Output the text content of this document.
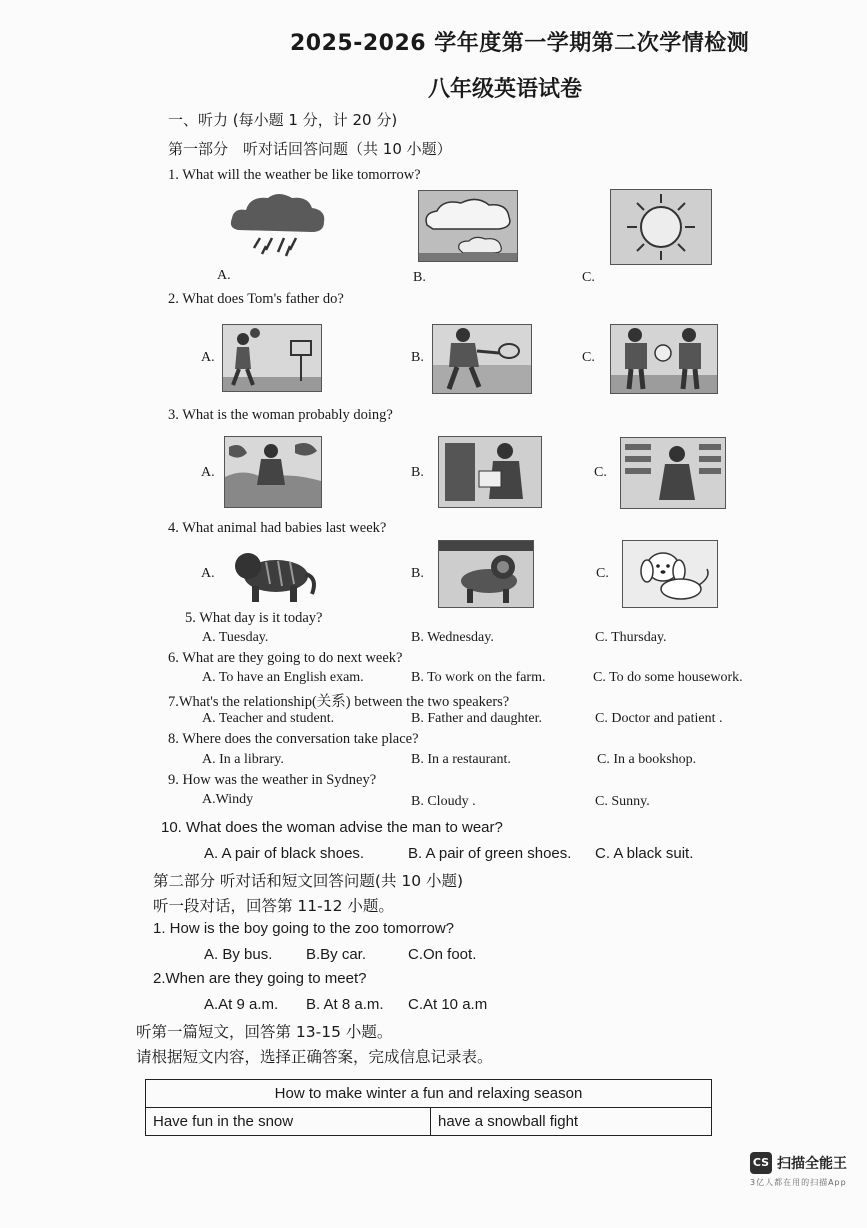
2025-2026 学年度第一学期第二次学情检测
八年级英语试卷
一、听力 (每小题 1 分，计 20 分)
第一部分　听对话回答问题（共 10 小题）
1. What will the weather be like tomorrow?
A.	B.	C.
2. What does Tom's father do?
A.	B.	C.
3. What is the woman probably doing?
A.	B.	C.
4. What animal had babies last week?
A.	B.	C.
5. What day is it today?
A. Tuesday.	B. Wednesday.	C. Thursday.
6. What are they going to do next week?
A. To have an English exam.	B. To work on the farm.	C. To do some housework.
7.What's the relationship(关系) between the two speakers?
A. Teacher and student.	B. Father and daughter.	C. Doctor and patient .
8. Where does the conversation take place?
A. In a library.	B. In a restaurant.	C. In a bookshop.
9. How was the weather in Sydney?
A.Windy	B. Cloudy .	C. Sunny.
10. What does the woman advise the man to wear?
A. A pair of black shoes.	B. A pair of green shoes. C. A black suit.
第二部分 听对话和短文回答问题(共 10 小题)
听一段对话，回答第 11-12 小题。
1. How is the boy going to the zoo tomorrow?
A. By bus. B.By car.	C.On foot.
2.When are they going to meet?
A.At 9 a.m. B. At 8 a.m. C.At 10 a.m
听第一篇短文，回答第 13-15 小题。
请根据短文内容，选择正确答案，完成信息记录表。
How to make winter a fun and relaxing season
Have fun in the snow	have a snowball fight
CS 扫描全能王
3亿人都在用的扫描App
